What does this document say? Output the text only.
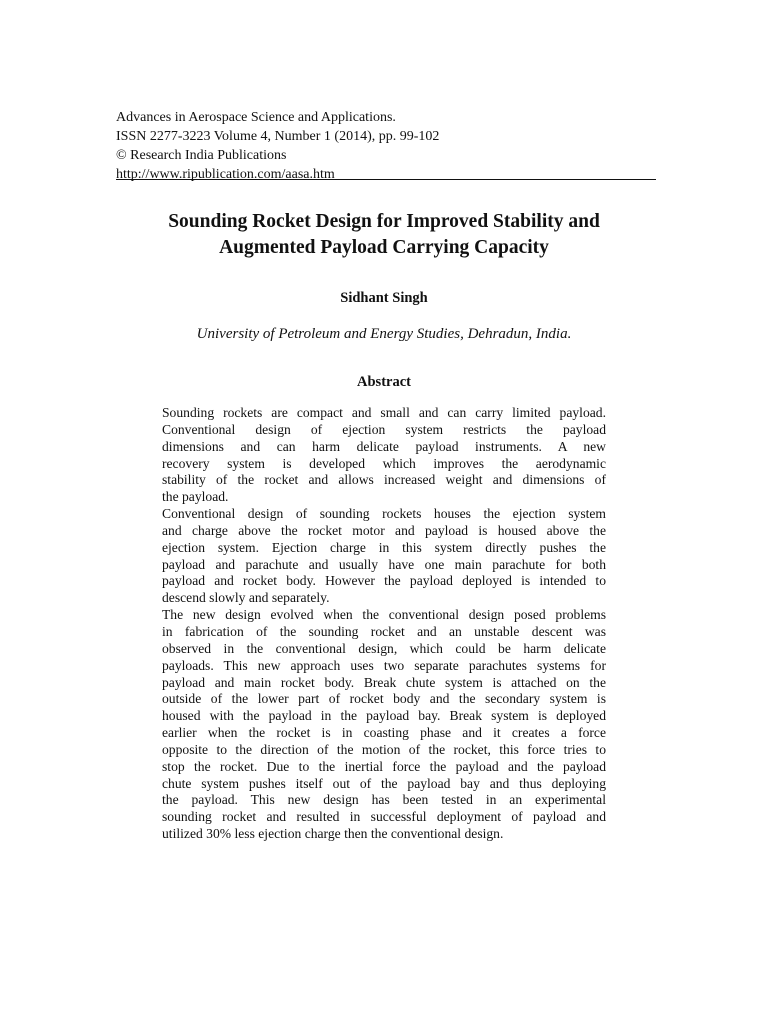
Advances in Aerospace Science and Applications.
ISSN 2277-3223 Volume 4, Number 1 (2014), pp. 99-102
© Research India Publications
http://www.ripublication.com/aasa.htm
Sounding Rocket Design for Improved Stability and
Augmented Payload Carrying Capacity
Sidhant Singh
University of Petroleum and Energy Studies, Dehradun, India.
Abstract
Sounding rockets are compact and small and can carry limited payload.
Conventional design of ejection system restricts the payload
dimensions and can harm delicate payload instruments. A new
recovery system is developed which improves the aerodynamic
stability of the rocket and allows increased weight and dimensions of
the payload.
Conventional design of sounding rockets houses the ejection system
and charge above the rocket motor and payload is housed above the
ejection system. Ejection charge in this system directly pushes the
payload and parachute and usually have one main parachute for both
payload and rocket body. However the payload deployed is intended to
descend slowly and separately.
The new design evolved when the conventional design posed problems
in fabrication of the sounding rocket and an unstable descent was
observed in the conventional design, which could be harm delicate
payloads. This new approach uses two separate parachutes systems for
payload and main rocket body. Break chute system is attached on the
outside of the lower part of rocket body and the secondary system is
housed with the payload in the payload bay. Break system is deployed
earlier when the rocket is in coasting phase and it creates a force
opposite to the direction of the motion of the rocket, this force tries to
stop the rocket. Due to the inertial force the payload and the payload
chute system pushes itself out of the payload bay and thus deploying
the payload. This new design has been tested in an experimental
sounding rocket and resulted in successful deployment of payload and
utilized 30% less ejection charge then the conventional design.
